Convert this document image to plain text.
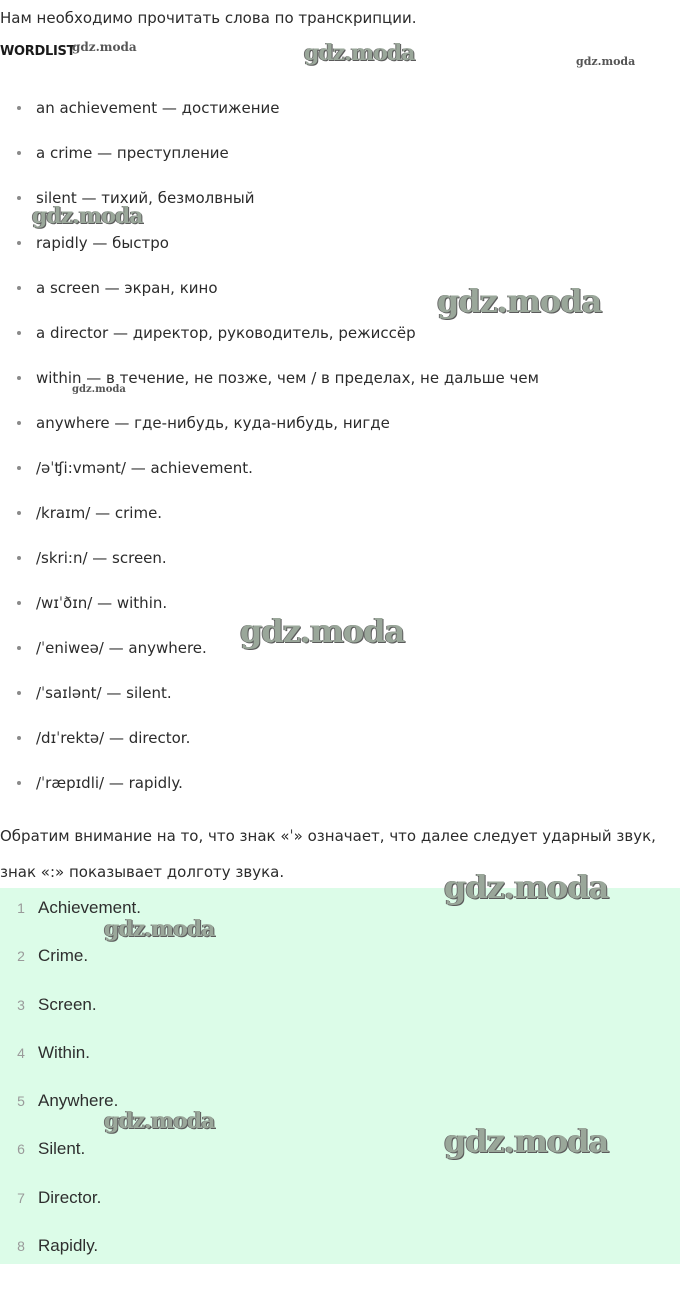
Нам необходимо прочитать слова по транскрипции.
WORDLIST
an achievement — достижение
a crime — преступление
silent — тихий, безмолвный
rapidly — быстро
a screen — экран, кино
a director — директор, руководитель, режиссёр
within — в течение, не позже, чем / в пределах, не дальше чем
anywhere — где-нибудь, куда-нибудь, нигде
/əˈʧi:vmənt/ — achievement.
/kraɪm/ — crime.
/skri:n/ — screen.
/wɪˈðɪn/ — within.
/ˈeniweə/ — anywhere.
/ˈsaɪlənt/ — silent.
/dɪˈrektə/ — director.
/ˈræpɪdli/ — rapidly.
Обратим внимание на то, что знак «ˈ» означает, что далее следует ударный звук, знак «:» показывает долготу звука.
1 Achievement.
2 Crime.
3 Screen.
4 Within.
5 Anywhere.
6 Silent.
7 Director.
8 Rapidly.
gdz.moda	gdz.moda	gdz.moda
gdz.moda
gdz.moda
gdz.moda
gdz.moda
gdz.moda
gdz.moda
gdz.moda
gdz.moda
